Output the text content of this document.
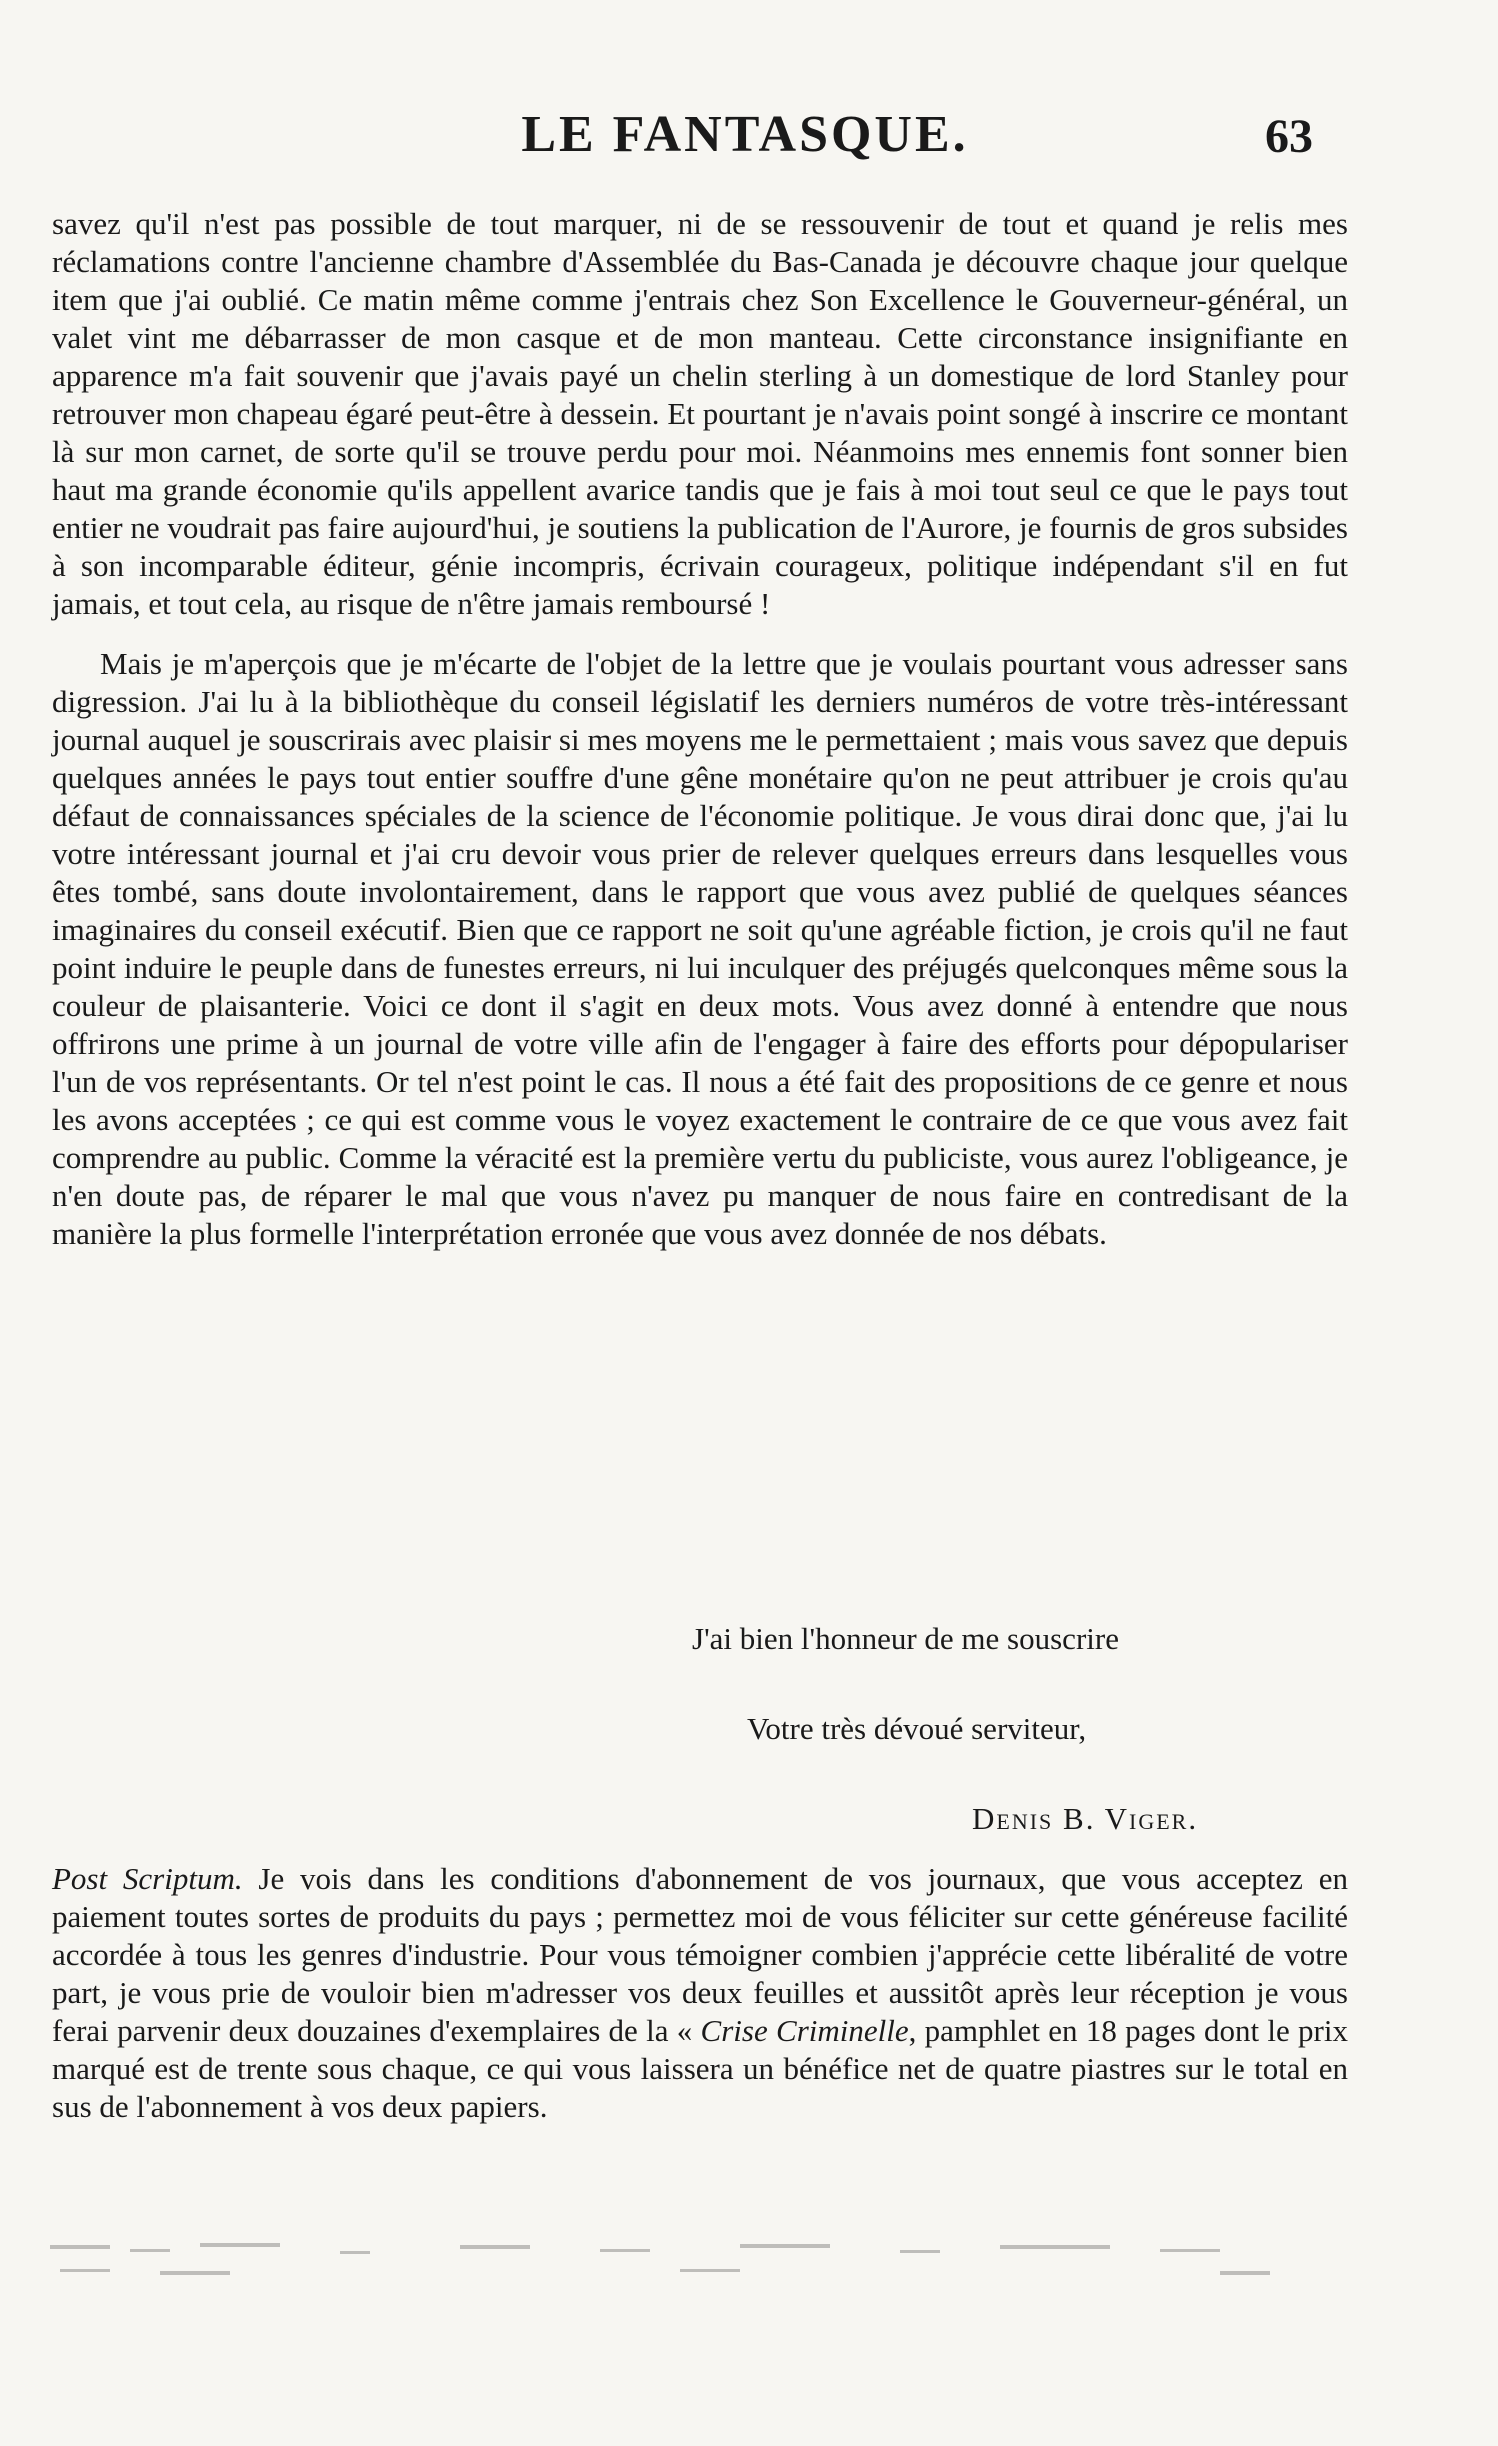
LE FANTASQUE.	63

savez qu'il n'est pas possible de tout marquer, ni de se ressouvenir de tout et quand je relis mes réclamations contre l'ancienne chambre d'Assemblée du Bas-Canada je découvre chaque jour quelque item que j'ai oublié. Ce matin même comme j'entrais chez Son Excellence le Gouverneur-général, un valet vint me débarrasser de mon casque et de mon manteau. Cette circonstance insignifiante en apparence m'a fait souvenir que j'avais payé un chelin sterling à un domestique de lord Stanley pour retrouver mon chapeau égaré peut-être à dessein. Et pourtant je n'avais point songé à inscrire ce montant là sur mon carnet, de sorte qu'il se trouve perdu pour moi. Néanmoins mes ennemis font sonner bien haut ma grande économie qu'ils appellent avarice tandis que je fais à moi tout seul ce que le pays tout entier ne voudrait pas faire aujourd'hui, je soutiens la publication de l'Aurore, je fournis de gros subsides à son incomparable éditeur, génie incompris, écrivain courageux, politique indépendant s'il en fut jamais, et tout cela, au risque de n'être jamais remboursé !

Mais je m'aperçois que je m'écarte de l'objet de la lettre que je voulais pourtant vous adresser sans digression. J'ai lu à la bibliothèque du conseil législatif les derniers numéros de votre très-intéressant journal auquel je souscrirais avec plaisir si mes moyens me le permettaient ; mais vous savez que depuis quelques années le pays tout entier souffre d'une gêne monétaire qu'on ne peut attribuer je crois qu'au défaut de connaissances spéciales de la science de l'économie politique. Je vous dirai donc que, j'ai lu votre intéressant journal et j'ai cru devoir vous prier de relever quelques erreurs dans lesquelles vous êtes tombé, sans doute involontairement, dans le rapport que vous avez publié de quelques séances imaginaires du conseil exécutif. Bien que ce rapport ne soit qu'une agréable fiction, je crois qu'il ne faut point induire le peuple dans de funestes erreurs, ni lui inculquer des préjugés quelconques même sous la couleur de plaisanterie. Voici ce dont il s'agit en deux mots. Vous avez donné à entendre que nous offrirons une prime à un journal de votre ville afin de l'engager à faire des efforts pour dépopulariser l'un de vos représentants. Or tel n'est point le cas. Il nous a été fait des propositions de ce genre et nous les avons acceptées ; ce qui est comme vous le voyez exactement le contraire de ce que vous avez fait comprendre au public. Comme la véracité est la première vertu du publiciste, vous aurez l'obligeance, je n'en doute pas, de réparer le mal que vous n'avez pu manquer de nous faire en contredisant de la manière la plus formelle l'interprétation erronée que vous avez donnée de nos débats.

J'ai bien l'honneur de me souscrire
Votre très dévoué serviteur,
Denis B. Viger.
Post Scriptum. Je vois dans les conditions d'abonnement de vos journaux, que vous acceptez en paiement toutes sortes de produits du pays ; permettez moi de vous féliciter sur cette généreuse facilité accordée à tous les genres d'industrie. Pour vous témoigner combien j'apprécie cette libéralité de votre part, je vous prie de vouloir bien m'adresser vos deux feuilles et aussitôt après leur réception je vous ferai parvenir deux douzaines d'exemplaires de la « Crise Criminelle, pamphlet en 18 pages dont le prix marqué est de trente sous chaque, ce qui vous laissera un bénéfice net de quatre piastres sur le total en sus de l'abonnement à vos deux papiers.
